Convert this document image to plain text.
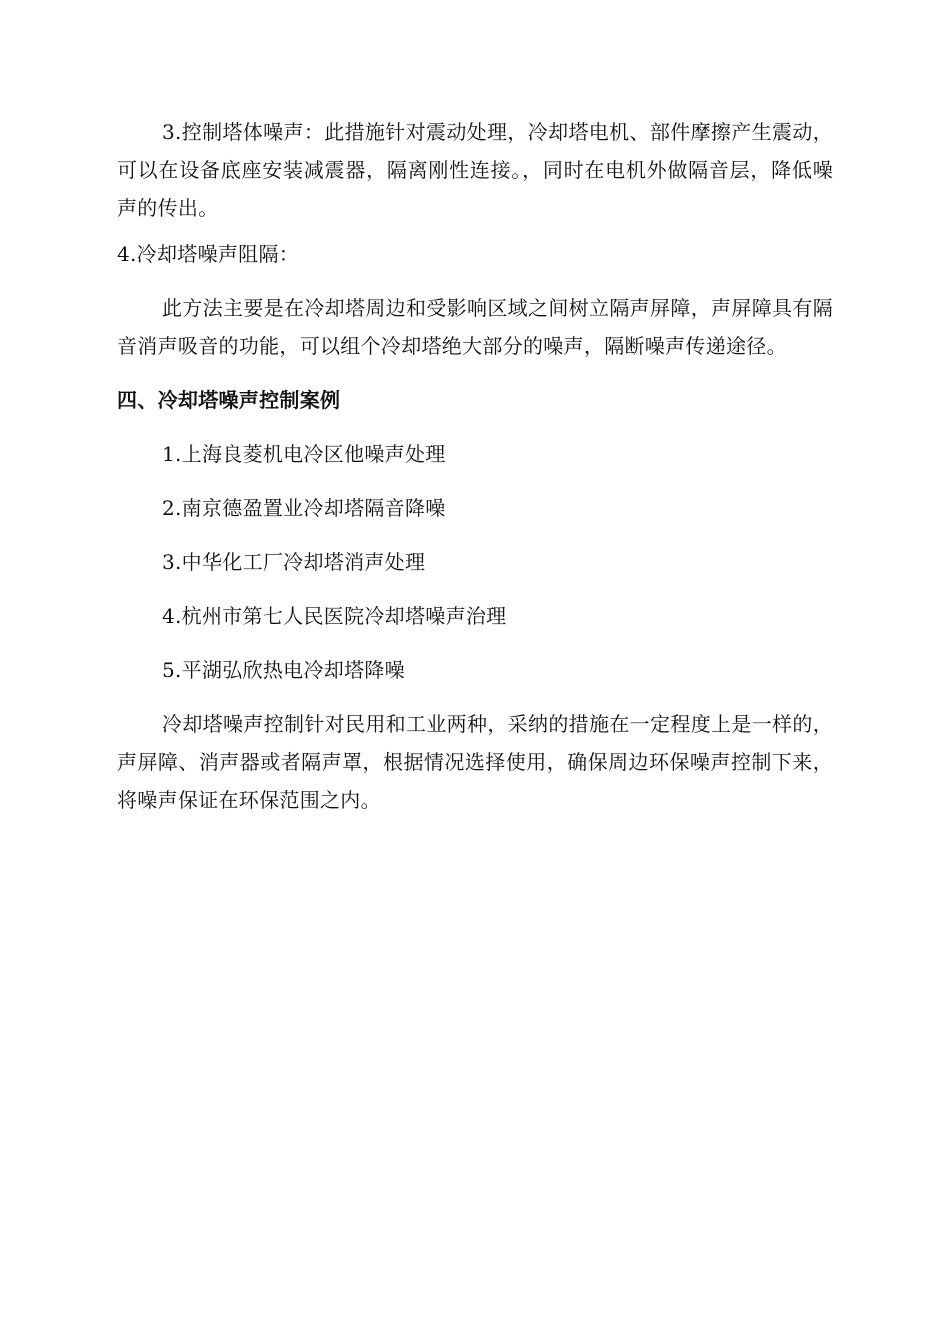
3.控制塔体噪声：此措施针对震动处理，冷却塔电机、部件摩擦产生震动，可以在设备底座安装减震器，隔离刚性连接。，同时在电机外做隔音层，降低噪声的传出。

4.冷却塔噪声阻隔：

此方法主要是在冷却塔周边和受影响区域之间树立隔声屏障，声屏障具有隔音消声吸音的功能，可以组个冷却塔绝大部分的噪声，隔断噪声传递途径。

四、冷却塔噪声控制案例

1.上海良菱机电冷区他噪声处理

2.南京德盈置业冷却塔隔音降噪

3.中华化工厂冷却塔消声处理

4.杭州市第七人民医院冷却塔噪声治理

5.平湖弘欣热电冷却塔降噪

冷却塔噪声控制针对民用和工业两种，采纳的措施在一定程度上是一样的，声屏障、消声器或者隔声罩，根据情况选择使用，确保周边环保噪声控制下来，将噪声保证在环保范围之内。
